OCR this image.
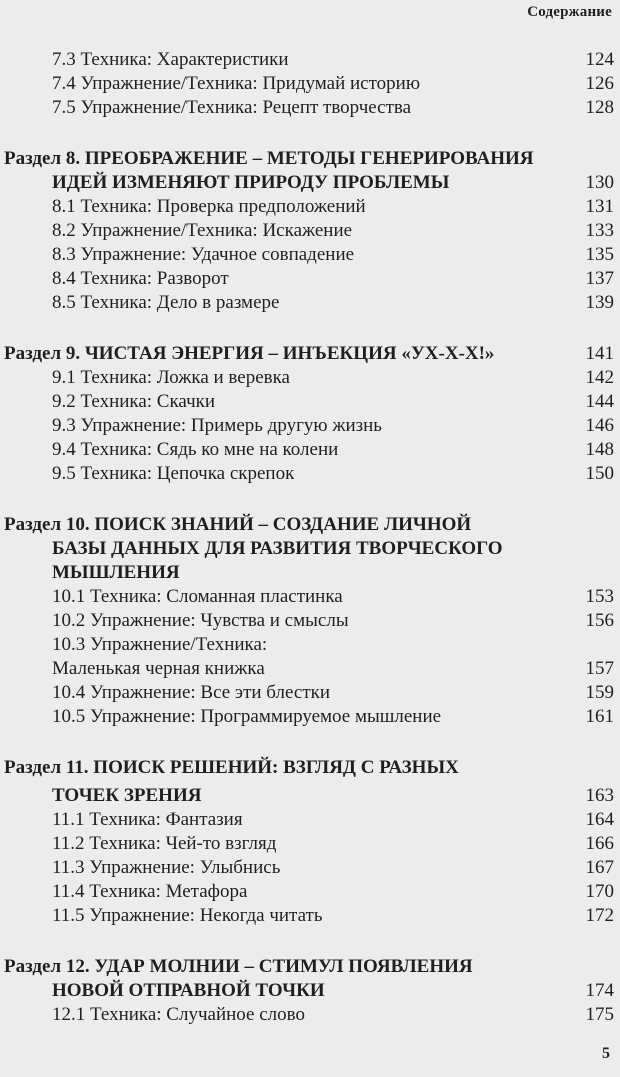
Содержание
7.3 Техника: Характеристики	124
7.4 Упражнение/Техника: Придумай историю	126
7.5 Упражнение/Техника: Рецепт творчества	128
Раздел 8. ПРЕОБРАЖЕНИЕ – МЕТОДЫ ГЕНЕРИРОВАНИЯ
ИДЕЙ ИЗМЕНЯЮТ ПРИРОДУ ПРОБЛЕМЫ	130
8.1 Техника: Проверка предположений	131
8.2 Упражнение/Техника: Искажение	133
8.3 Упражнение: Удачное совпадение	135
8.4 Техника: Разворот	137
8.5 Техника: Дело в размере	139
Раздел 9. ЧИСТАЯ ЭНЕРГИЯ – ИНЪЕКЦИЯ «УХ-Х-Х!»	141
9.1 Техника: Ложка и веревка	142
9.2 Техника: Скачки	144
9.3 Упражнение: Примерь другую жизнь	146
9.4 Техника: Сядь ко мне на колени	148
9.5 Техника: Цепочка скрепок	150
Раздел 10. ПОИСК ЗНАНИЙ – СОЗДАНИЕ ЛИЧНОЙ
БАЗЫ ДАННЫХ ДЛЯ РАЗВИТИЯ ТВОРЧЕСКОГО
МЫШЛЕНИЯ
10.1 Техника: Сломанная пластинка	153
10.2 Упражнение: Чувства и смыслы	156
10.3 Упражнение/Техника:
Маленькая черная книжка	157
10.4 Упражнение: Все эти блестки	159
10.5 Упражнение: Программируемое мышление	161
Раздел 11. ПОИСК РЕШЕНИЙ: ВЗГЛЯД С РАЗНЫХ
ТОЧЕК ЗРЕНИЯ	163
11.1 Техника: Фантазия	164
11.2 Техника: Чей-то взгляд	166
11.3 Упражнение: Улыбнись	167
11.4 Техника: Метафора	170
11.5 Упражнение: Некогда читать	172
Раздел 12. УДАР МОЛНИИ – СТИМУЛ ПОЯВЛЕНИЯ
НОВОЙ ОТПРАВНОЙ ТОЧКИ	174
12.1 Техника: Случайное слово	175
5
